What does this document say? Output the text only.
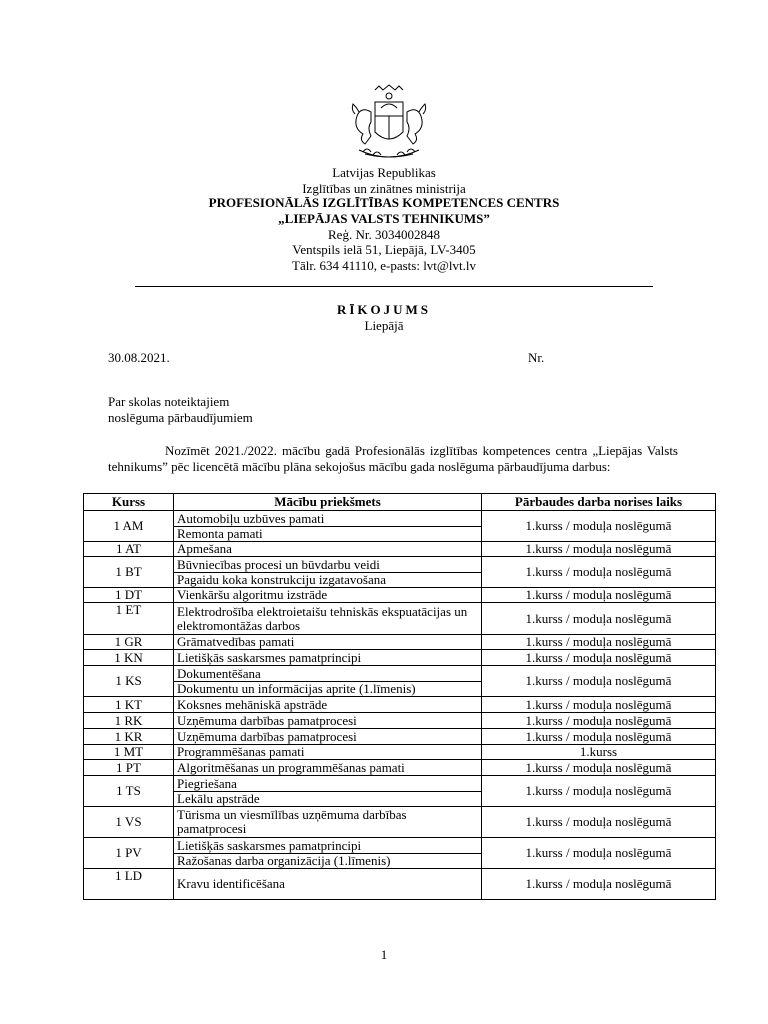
Latvijas Republikas
Izglītības un zinātnes ministrija
PROFESIONĀLĀS IZGLĪTĪBAS KOMPETENCES CENTRS
„LIEPĀJAS VALSTS TEHNIKUMS”
Reģ. Nr. 3034002848
Ventspils ielā 51, Liepājā, LV-3405
Tālr. 634 41110, e-pasts: lvt@lvt.lv
RĪKOJUMS
Liepājā
30.08.2021.	Nr.
Par skolas noteiktajiem
noslēguma pārbaudījumiem
Nozīmēt 2021./2022. mācību gadā Profesionālās izglītības kompetences centra „Liepājas Valsts tehnikums” pēc licencētā mācību plāna sekojošus mācību gada noslēguma pārbaudījuma darbus:
Kurss	Mācību priekšmets	Pārbaudes darba norises laiks
1 AM	Automobiļu uzbūves pamati	1.kurss / moduļa noslēgumā
	Remonta pamati	
1 AT	Apmešana	1.kurss / moduļa noslēgumā
1 BT	Būvniecības procesi un būvdarbu veidi	1.kurss / moduļa noslēgumā
	Pagaidu koka konstrukciju izgatavošana	
1 DT	Vienkāršu algoritmu izstrāde	1.kurss / moduļa noslēgumā
1 ET	Elektrodrošība elektroietaišu tehniskās ekspuatācijas un elektromontāžas darbos	1.kurss / moduļa noslēgumā
1 GR	Grāmatvedības pamati	1.kurss / moduļa noslēgumā
1 KN	Lietišķās saskarsmes pamatprincipi	1.kurss / moduļa noslēgumā
1 KS	Dokumentēšana	1.kurss / moduļa noslēgumā
	Dokumentu un informācijas aprite (1.līmenis)	
1 KT	Koksnes mehāniskā apstrāde	1.kurss / moduļa noslēgumā
1 RK	Uzņēmuma darbības pamatprocesi	1.kurss / moduļa noslēgumā
1 KR	Uzņēmuma darbības pamatprocesi	1.kurss / moduļa noslēgumā
1 MT	Programmēšanas pamati	1.kurss
1 PT	Algoritmēšanas un programmēšanas pamati	1.kurss / moduļa noslēgumā
1 TS	Piegriešana	1.kurss / moduļa noslēgumā
	Lekālu apstrāde	
1 VS	Tūrisma un viesmīlības uzņēmuma darbības pamatprocesi	1.kurss / moduļa noslēgumā
1 PV	Lietišķās saskarsmes pamatprincipi	1.kurss / moduļa noslēgumā
	Ražošanas darba organizācija (1.līmenis)	
1 LD	Kravu identificēšana	1.kurss / moduļa noslēgumā
1
